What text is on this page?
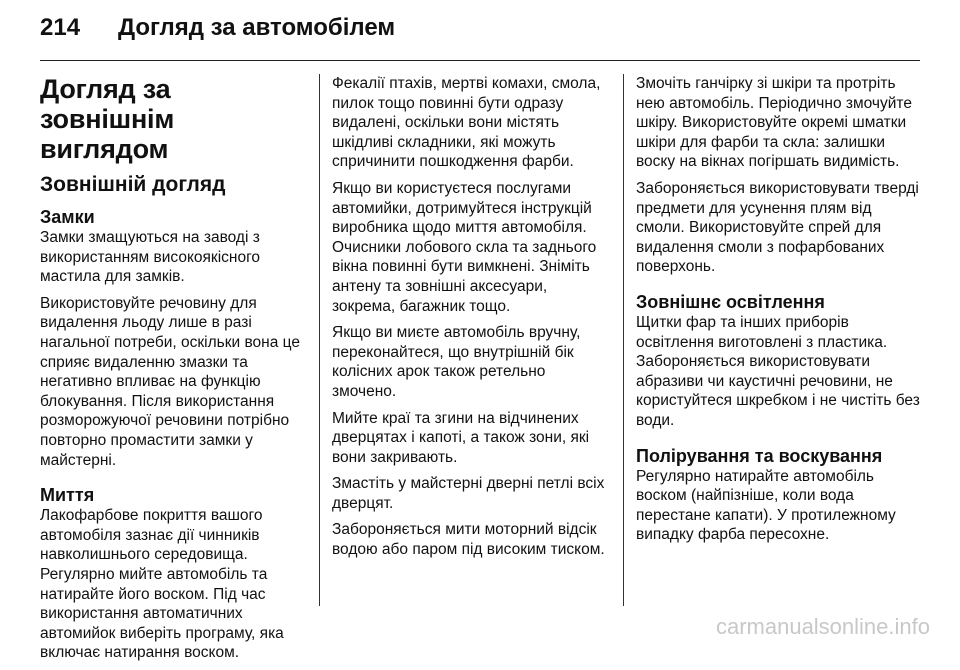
214	Догляд за автомобілем
Догляд за зовнішнім виглядом
Зовнішній догляд
Замки

Замки змащуються на заводі з використанням високоякісного мастила для замків.

Використовуйте речовину для видалення льоду лише в разі нагальної потреби, оскільки вона це сприяє видаленню змазки та негативно впливає на функцію блокування. Після використання розморожуючої речовини потрібно повторно промастити замки у майстерні.

Миття

Лакофарбове покриття вашого автомобіля зазнає дії чинників навколишнього середовища. Регулярно мийте автомобіль та натирайте його воском. Під час використання автоматичних автомийок виберіть програму, яка включає натирання воском.

Фекалії птахів, мертві комахи, смола, пилок тощо повинні бути одразу видалені, оскільки вони містять шкідливі складники, які можуть спричинити пошкодження фарби.

Якщо ви користуєтеся послугами автомийки, дотримуйтеся інструкцій виробника щодо миття автомобіля. Очисники лобового скла та заднього вікна повинні бути вимкнені. Зніміть антену та зовнішні аксесуари, зокрема, багажник тощо.

Якщо ви миєте автомобіль вручну, переконайтеся, що внутрішній бік колісних арок також ретельно змочено.

Мийте краї та згини на відчинених дверцятах і капоті, а також зони, які вони закривають.

Змастіть у майстерні дверні петлі всіх дверцят.

Забороняється мити моторний відсік водою або паром під високим тиском.

Змочіть ганчірку зі шкіри та протріть нею автомобіль. Періодично змочуйте шкіру. Використовуйте окремі шматки шкіри для фарби та скла: залишки воску на вікнах погіршать видимість.

Забороняється використовувати тверді предмети для усунення плям від смоли. Використовуйте спрей для видалення смоли з пофарбованих поверхонь.

Зовнішнє освітлення

Щитки фар та інших приборів освітлення виготовлені з пластика. Забороняється використовувати абразиви чи каустичні речовини, не користуйтеся шкребком і не чистіть без води.

Полірування та воскування

Регулярно натирайте автомобіль воском (найпізніше, коли вода перестане капати). У протилежному випадку фарба пересохне.

carmanualsonline.info
